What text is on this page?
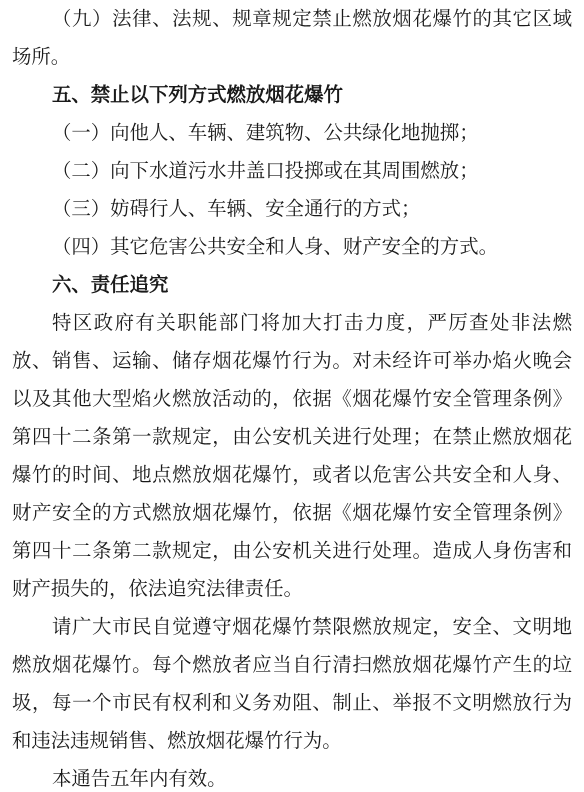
（九）法律、法规、规章规定禁止燃放烟花爆竹的其它区域
场所。
五、禁止以下列方式燃放烟花爆竹
（一）向他人、车辆、建筑物、公共绿化地抛掷；
（二）向下水道污水井盖口投掷或在其周围燃放；
（三）妨碍行人、车辆、安全通行的方式；
（四）其它危害公共安全和人身、财产安全的方式。
六、责任追究
特区政府有关职能部门将加大打击力度，严厉查处非法燃
放、销售、运输、储存烟花爆竹行为。对未经许可举办焰火晚会
以及其他大型焰火燃放活动的，依据《烟花爆竹安全管理条例》
第四十二条第一款规定，由公安机关进行处理；在禁止燃放烟花
爆竹的时间、地点燃放烟花爆竹，或者以危害公共安全和人身、
财产安全的方式燃放烟花爆竹，依据《烟花爆竹安全管理条例》
第四十二条第二款规定，由公安机关进行处理。造成人身伤害和
财产损失的，依法追究法律责任。
请广大市民自觉遵守烟花爆竹禁限燃放规定，安全、文明地
燃放烟花爆竹。每个燃放者应当自行清扫燃放烟花爆竹产生的垃
圾，每一个市民有权利和义务劝阻、制止、举报不文明燃放行为
和违法违规销售、燃放烟花爆竹行为。
本通告五年内有效。
